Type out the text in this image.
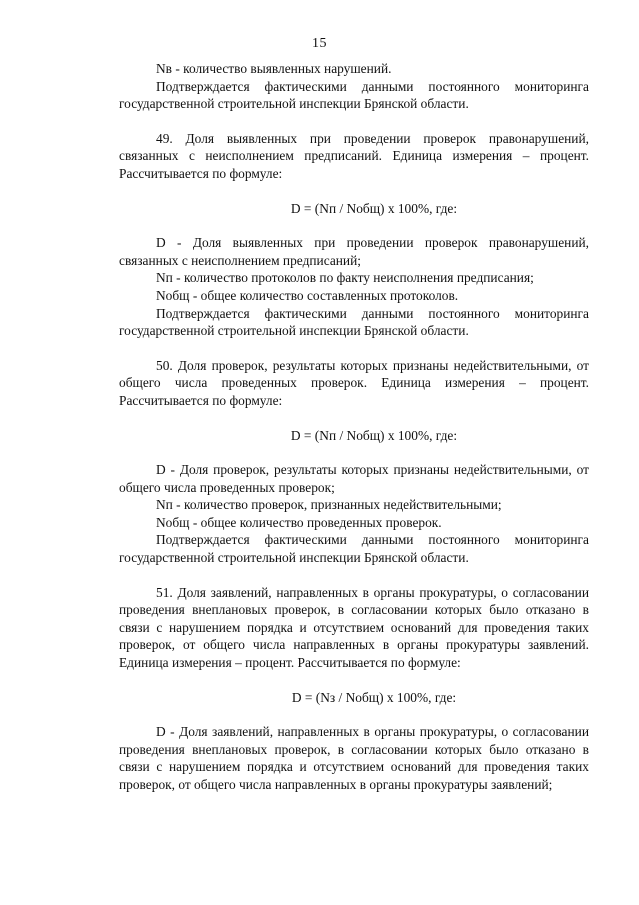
15

Nв - количество выявленных нарушений.

Подтверждается фактическими данными постоянного мониторинга государственной строительной инспекции Брянской области.

49. Доля выявленных при проведении проверок правонарушений, связанных с неисполнением предписаний. Единица измерения – процент. Рассчитывается по формуле:

D = (Nп / Nобщ) х 100%, где:

D - Доля выявленных при проведении проверок правонарушений, связанных с неисполнением предписаний;

Nп - количество протоколов по факту неисполнения предписания;

Nобщ - общее количество составленных протоколов.

Подтверждается фактическими данными постоянного мониторинга государственной строительной инспекции Брянской области.

50. Доля проверок, результаты которых признаны недействительными, от общего числа проведенных проверок. Единица измерения – процент. Рассчитывается по формуле:

D = (Nп / Nобщ) х 100%, где:

D - Доля проверок, результаты которых признаны недействительными, от общего числа проведенных проверок;

Nп - количество проверок, признанных недействительными;

Nобщ - общее количество проведенных проверок.

Подтверждается фактическими данными постоянного мониторинга государственной строительной инспекции Брянской области.

51. Доля заявлений, направленных в органы прокуратуры, о согласовании проведения внеплановых проверок, в согласовании которых было отказано в связи с нарушением порядка и отсутствием оснований для проведения таких проверок, от общего числа направленных в органы прокуратуры заявлений. Единица измерения – процент. Рассчитывается по формуле:

D = (Nз / Nобщ) х 100%, где:

D - Доля заявлений, направленных в органы прокуратуры, о согласовании проведения внеплановых проверок, в согласовании которых было отказано в связи с нарушением порядка и отсутствием оснований для проведения таких проверок, от общего числа направленных в органы прокуратуры заявлений;
